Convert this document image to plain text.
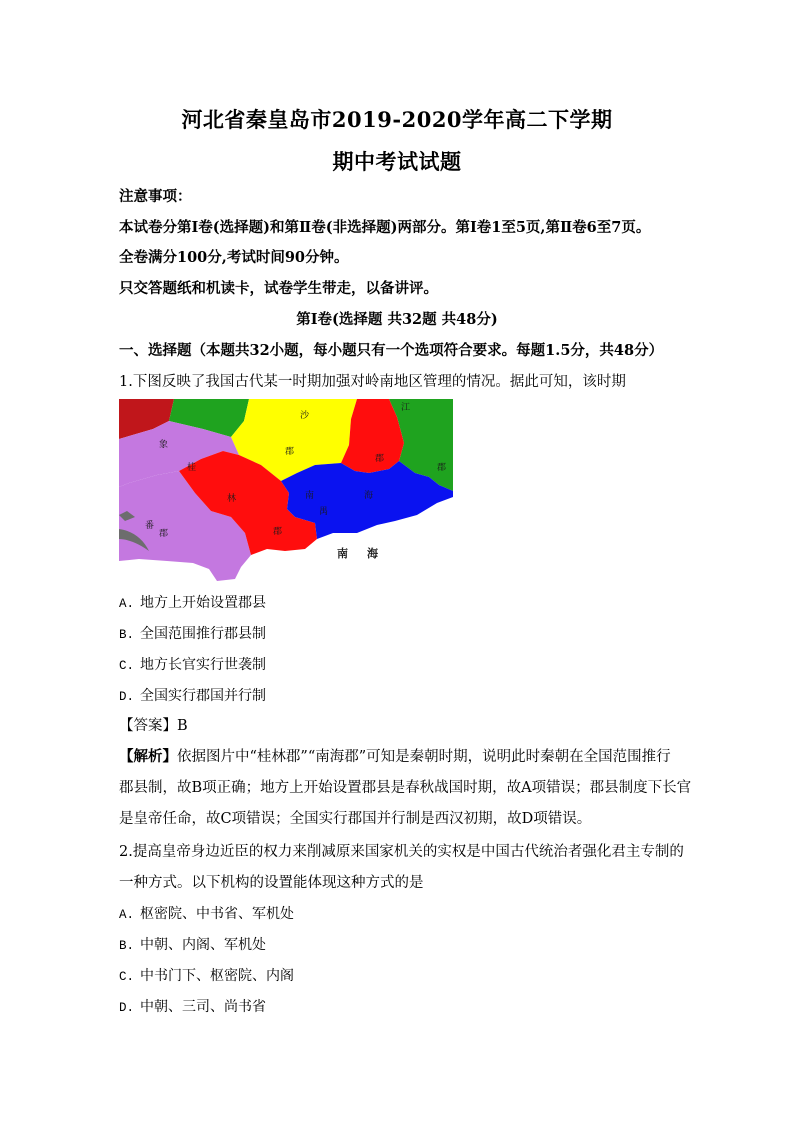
河北省秦皇岛市2019-2020学年高二下学期
期中考试试题
注意事项：
本试卷分第Ⅰ卷(选择题)和第Ⅱ卷(非选择题)两部分。第Ⅰ卷1至5页,第Ⅱ卷6至7页。
全卷满分100分,考试时间90分钟。
只交答题纸和机读卡，试卷学生带走，以备讲评。
第Ⅰ卷(选择题 共32题 共48分)
一、选择题（本题共32小题，每小题只有一个选项符合要求。每题1.5分，共48分）
1.下图反映了我国古代某一时期加强对岭南地区管理的情况。据此可知，该时期
沙
江
象
郡
郡
郡
桂
林	南	海
郡
郡
番
禺
南　海
A. 地方上开始设置郡县
B. 全国范围推行郡县制
C. 地方长官实行世袭制
D. 全国实行郡国并行制
【答案】B
【解析】依据图片中“桂林郡”“南海郡”可知是秦朝时期，说明此时秦朝在全国范围推行
郡县制，故B项正确；地方上开始设置郡县是春秋战国时期，故A项错误；郡县制度下长官
是皇帝任命，故C项错误；全国实行郡国并行制是西汉初期，故D项错误。
2.提高皇帝身边近臣的权力来削减原来国家机关的实权是中国古代统治者强化君主专制的
一种方式。以下机构的设置能体现这种方式的是
A. 枢密院、中书省、军机处
B. 中朝、内阁、军机处
C. 中书门下、枢密院、内阁
D. 中朝、三司、尚书省
